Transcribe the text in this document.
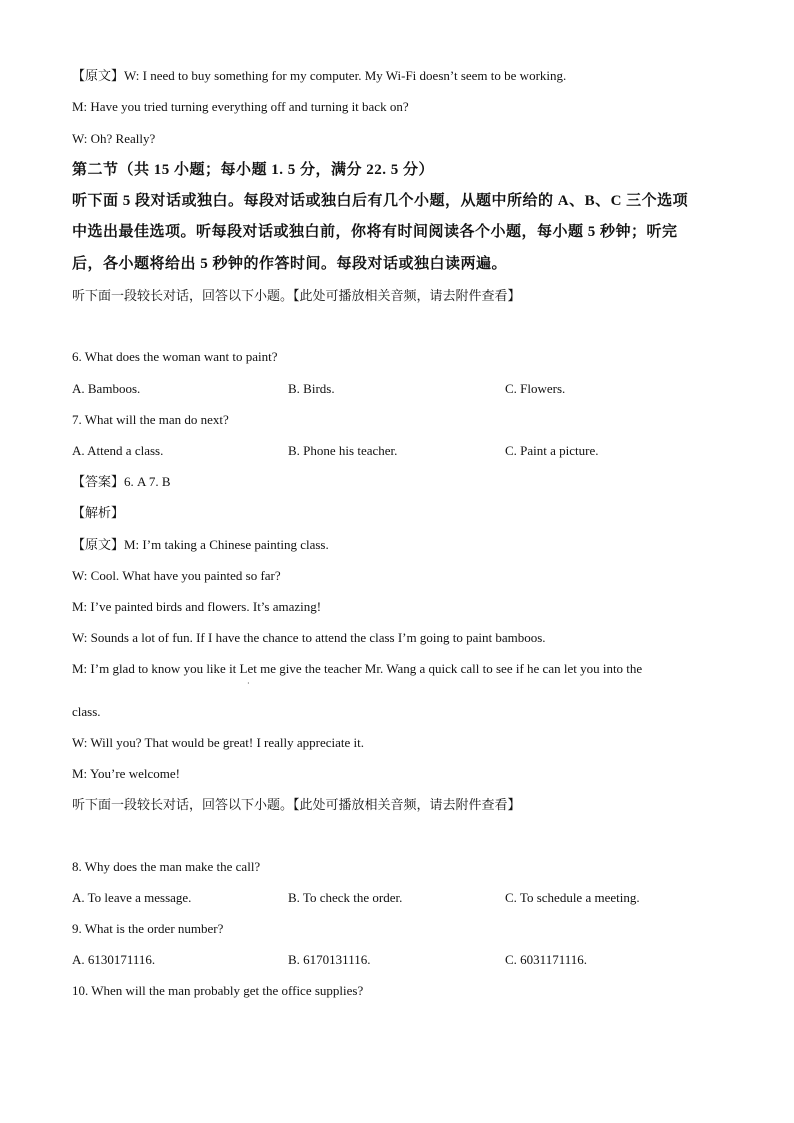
【原文】W: I need to buy something for my computer. My Wi-Fi doesn’t seem to be working.
M: Have you tried turning everything off and turning it back on?
W: Oh? Really?
第二节（共 15 小题；每小题 1. 5 分，满分 22. 5 分）
听下面 5 段对话或独白。每段对话或独白后有几个小题，从题中所给的 A、B、C 三个选项
中选出最佳选项。听每段对话或独白前，你将有时间阅读各个小题，每小题 5 秒钟；听完
后，各小题将给出 5 秒钟的作答时间。每段对话或独白读两遍。
听下面一段较长对话，回答以下小题。【此处可播放相关音频，请去附件查看】
6. What does the woman want to paint?
A. Bamboos.	B. Birds.	C. Flowers.
7. What will the man do next?
A. Attend a class.	B. Phone his teacher.	C. Paint a picture.
【答案】6. A 7. B
【解析】
【原文】M: I’m taking a Chinese painting class.
W: Cool. What have you painted so far?
M: I’ve painted birds and flowers. It’s amazing!
W: Sounds a lot of fun. If I have the chance to attend the class I’m going to paint bamboos.
M: I’m glad to know you like it Let me give the teacher Mr. Wang a quick call to see if he can let you into the
·
class.
W: Will you? That would be great! I really appreciate it.
M: You’re welcome!
听下面一段较长对话，回答以下小题。【此处可播放相关音频，请去附件查看】
8. Why does the man make the call?
A. To leave a message.	B. To check the order.	C. To schedule a meeting.
9. What is the order number?
A. 6130171116.	B. 6170131116.	C. 6031171116.
10. When will the man probably get the office supplies?
